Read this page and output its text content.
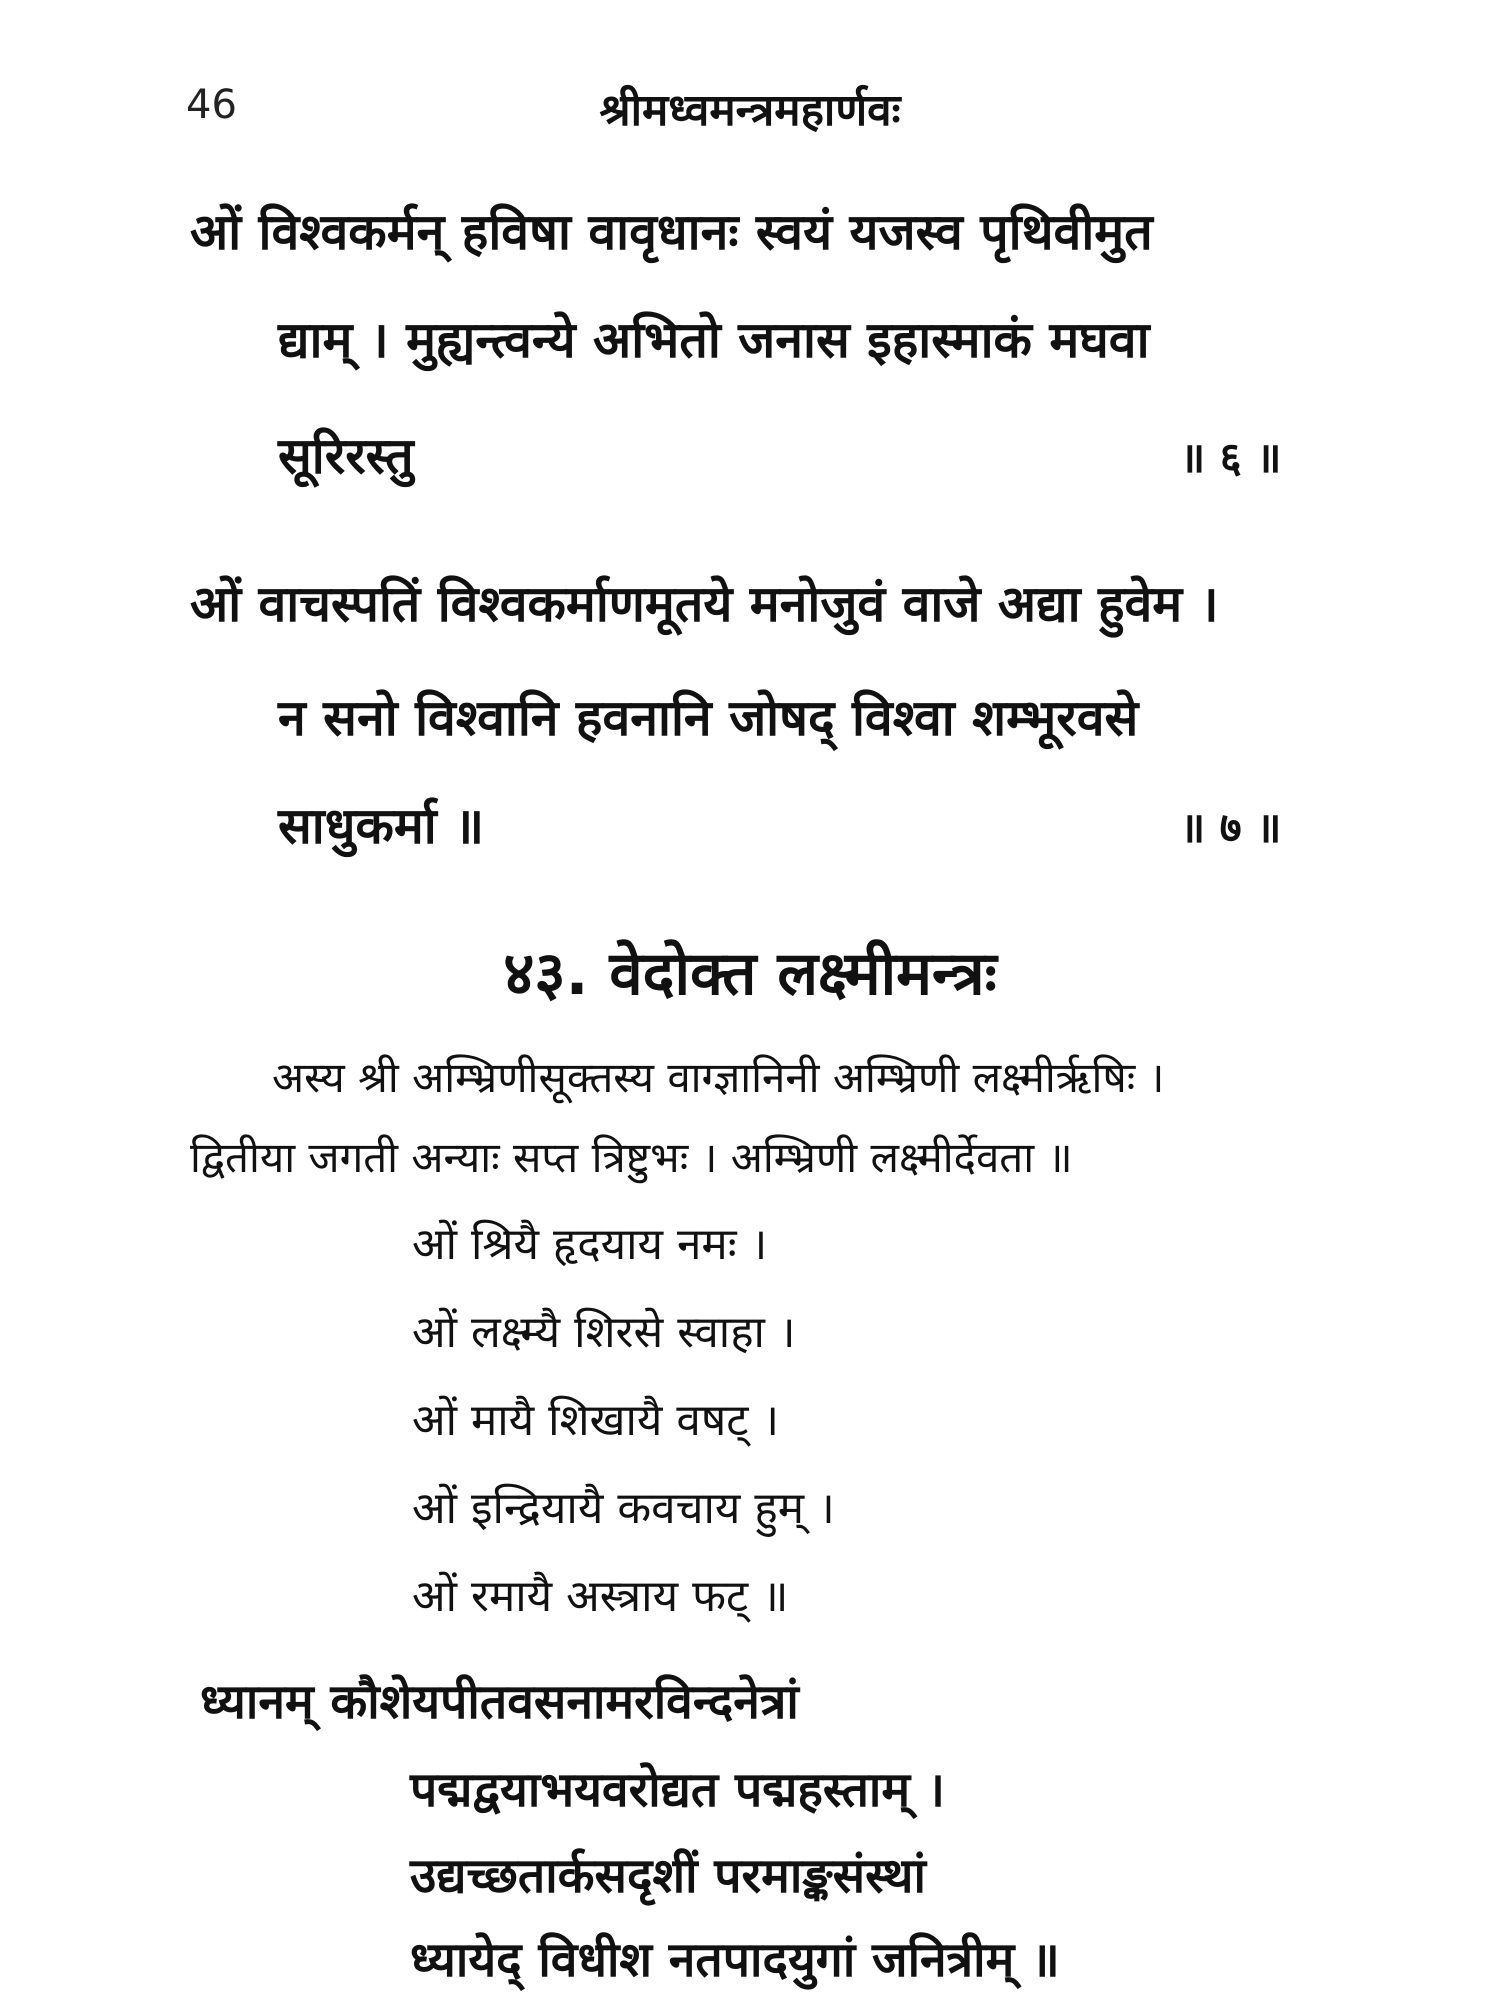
46	श्रीमध्वमन्त्रमहार्णवः
ओं विश्वकर्मन् हविषा वावृधानः स्वयं यजस्व पृथिवीमुत
द्याम् । मुह्यन्त्वन्ये अभितो जनास इहास्माकं मघवा
सूरिरस्तु	॥ ६ ॥
ओं वाचस्पतिं विश्वकर्माणमूतये मनोजुवं वाजे अद्या हुवेम ।
न सनो विश्वानि हवनानि जोषद् विश्वा शम्भूरवसे
साधुकर्मा ॥	॥ ७ ॥
४३. वेदोक्त लक्ष्मीमन्त्रः
अस्य श्री अम्भ्रिणीसूक्तस्य वाग्ज्ञानिनी अम्भ्रिणी लक्ष्मीर्ऋषिः ।
द्वितीया जगती अन्याः सप्त त्रिष्टुभः । अम्भ्रिणी लक्ष्मीर्देवता ॥
ओं श्रियै हृदयाय नमः ।
ओं लक्ष्म्यै शिरसे स्वाहा ।
ओं मायै शिखायै वषट् ।
ओं इन्द्रियायै कवचाय हुम् ।
ओं रमायै अस्त्राय फट् ॥
ध्यानम् कौशेयपीतवसनामरविन्दनेत्रां
पद्मद्वयाभयवरोद्यत पद्महस्ताम् ।
उद्यच्छतार्कसदृशीं परमाङ्कसंस्थां
ध्यायेद् विधीश नतपादयुगां जनित्रीम् ॥
